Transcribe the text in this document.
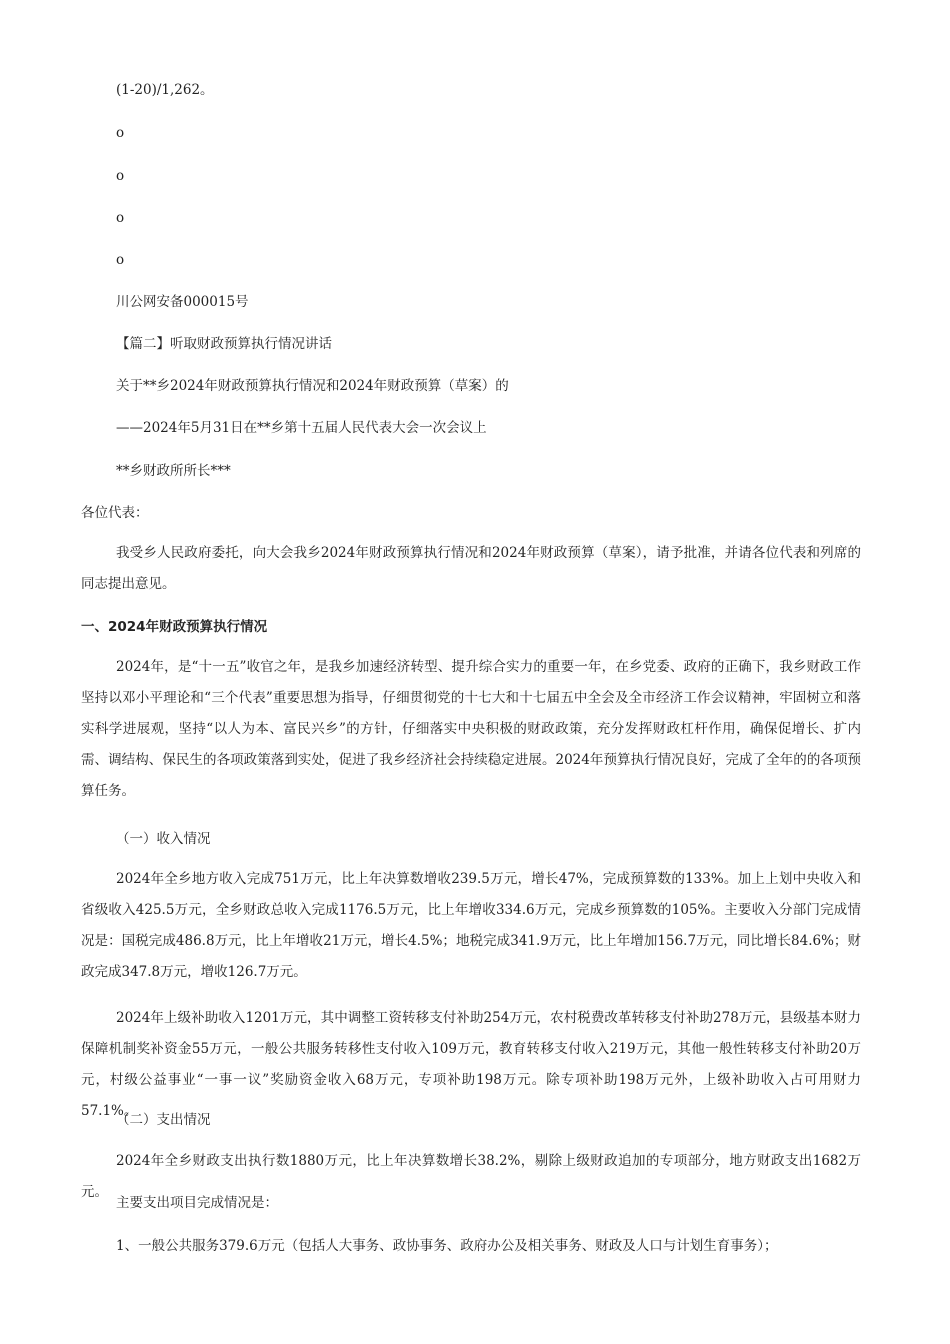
(1-20)/1,262。
o
o
o
o
川公网安备000015号
【篇二】听取财政预算执行情况讲话
关于**乡2024年财政预算执行情况和2024年财政预算（草案）的
——2024年5月31日在**乡第十五届人民代表大会一次会议上
**乡财政所所长***
各位代表：
我受乡人民政府委托，向大会我乡2024年财政预算执行情况和2024年财政预算（草案），请予批准，并请各位代表和列席的同志提出意见。
一、2024年财政预算执行情况
2024年，是“十一五”收官之年，是我乡加速经济转型、提升综合实力的重要一年，在乡党委、政府的正确下，我乡财政工作坚持以邓小平理论和“三个代表”重要思想为指导，仔细贯彻党的十七大和十七届五中全会及全市经济工作会议精神，牢固树立和落实科学进展观，坚持“以人为本、富民兴乡”的方针，仔细落实中央积极的财政政策，充分发挥财政杠杆作用，确保促增长、扩内需、调结构、保民生的各项政策落到实处，促进了我乡经济社会持续稳定进展。2024年预算执行情况良好，完成了全年的的各项预算任务。
（一）收入情况
2024年全乡地方收入完成751万元，比上年决算数增收239.5万元，增长47%，完成预算数的133%。加上上划中央收入和省级收入425.5万元，全乡财政总收入完成1176.5万元，比上年增收334.6万元，完成乡预算数的105%。主要收入分部门完成情况是：国税完成486.8万元，比上年增收21万元，增长4.5%；地税完成341.9万元，比上年增加156.7万元，同比增长84.6%；财政完成347.8万元，增收126.7万元。
2024年上级补助收入1201万元，其中调整工资转移支付补助254万元，农村税费改革转移支付补助278万元，县级基本财力保障机制奖补资金55万元，一般公共服务转移性支付收入109万元，教育转移支付收入219万元，其他一般性转移支付补助20万元，村级公益事业“一事一议”奖励资金收入68万元，专项补助198万元。除专项补助198万元外，上级补助收入占可用财力57.1%。
（二）支出情况
2024年全乡财政支出执行数1880万元，比上年决算数增长38.2%，剔除上级财政追加的专项部分，地方财政支出1682万元。
主要支出项目完成情况是：
1、一般公共服务379.6万元（包括人大事务、政协事务、政府办公及相关事务、财政及人口与计划生育事务）；
